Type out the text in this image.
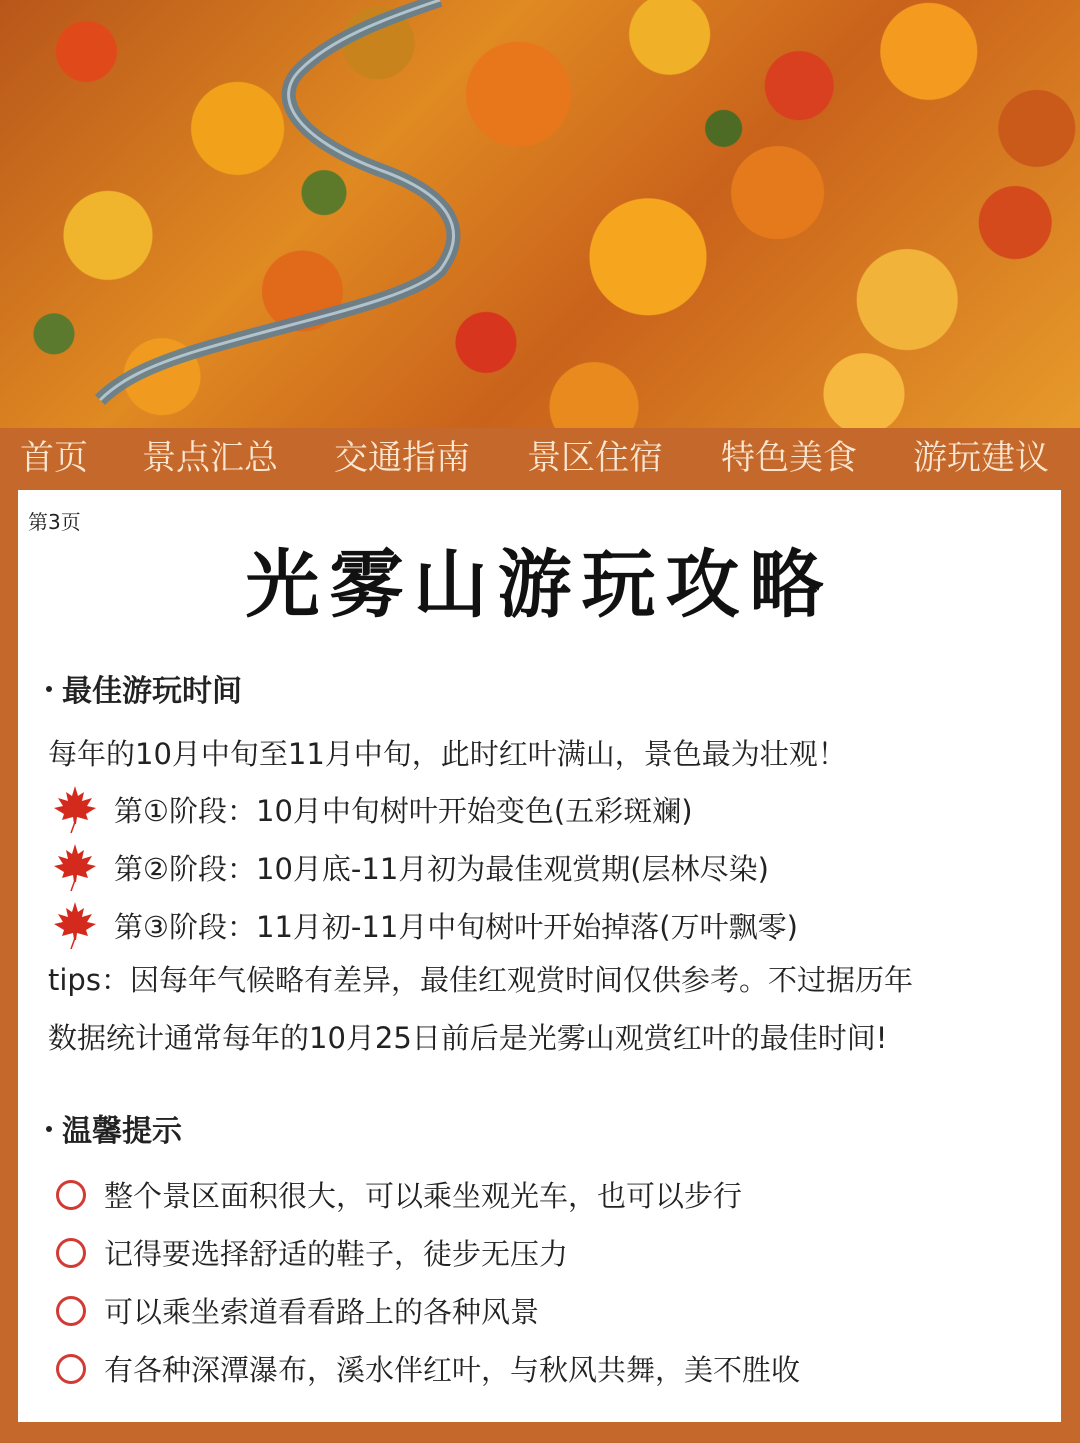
首页 景点汇总 交通指南 景区住宿 特色美食 游玩建议
第3页
光雾山游玩攻略
最佳游玩时间
每年的10月中旬至11月中旬，此时红叶满山，景色最为壮观！
第①阶段：10月中旬树叶开始变色(五彩斑斓)
第②阶段：10月底-11月初为最佳观赏期(层林尽染)
第③阶段：11月初-11月中旬树叶开始掉落(万叶飘零)
tips：因每年气候略有差异，最佳红观赏时间仅供参考。不过据历年
数据统计通常每年的10月25日前后是光雾山观赏红叶的最佳时间!
温馨提示
整个景区面积很大，可以乘坐观光车，也可以步行
记得要选择舒适的鞋子，徒步无压力
可以乘坐索道看看路上的各种风景
有各种深潭瀑布，溪水伴红叶，与秋风共舞，美不胜收
